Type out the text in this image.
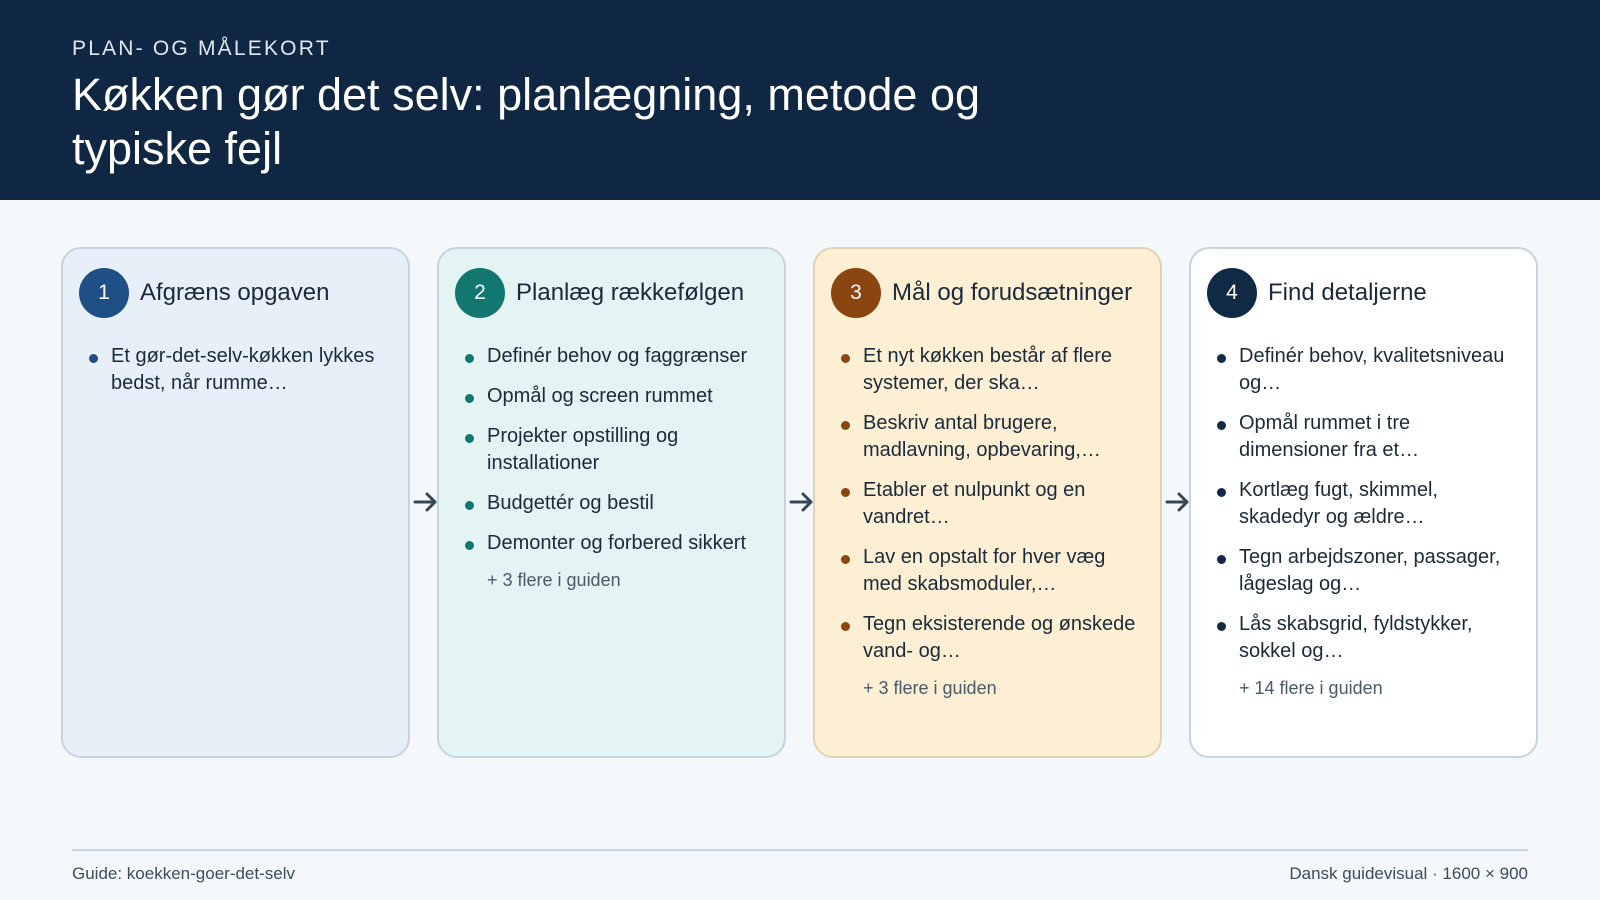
PLAN- OG MÅLEKORT
Køkken gør det selv: planlægning, metode og typiske fejl
1	Afgræns opgaven
Et gør-det-selv-køkken lykkes bedst, når rumme…
2	Planlæg rækkefølgen
Definér behov og faggrænser
Opmål og screen rummet
Projekter opstilling og installationer
Budgettér og bestil
Demonter og forbered sikkert
+ 3 flere i guiden
3	Mål og forudsætninger
Et nyt køkken består af flere systemer, der ska…
Beskriv antal brugere, madlavning, opbevaring,…
Etabler et nulpunkt og en vandret…
Lav en opstalt for hver væg med skabsmoduler,…
Tegn eksisterende og ønskede vand- og…
+ 3 flere i guiden
4	Find detaljerne
Definér behov, kvalitetsniveau og…
Opmål rummet i tre dimensioner fra et…
Kortlæg fugt, skimmel, skadedyr og ældre…
Tegn arbejdszoner, passager, lågeslag og…
Lås skabsgrid, fyldstykker, sokkel og…
+ 14 flere i guiden
Guide: koekken-goer-det-selv	Dansk guidevisual · 1600 × 900
